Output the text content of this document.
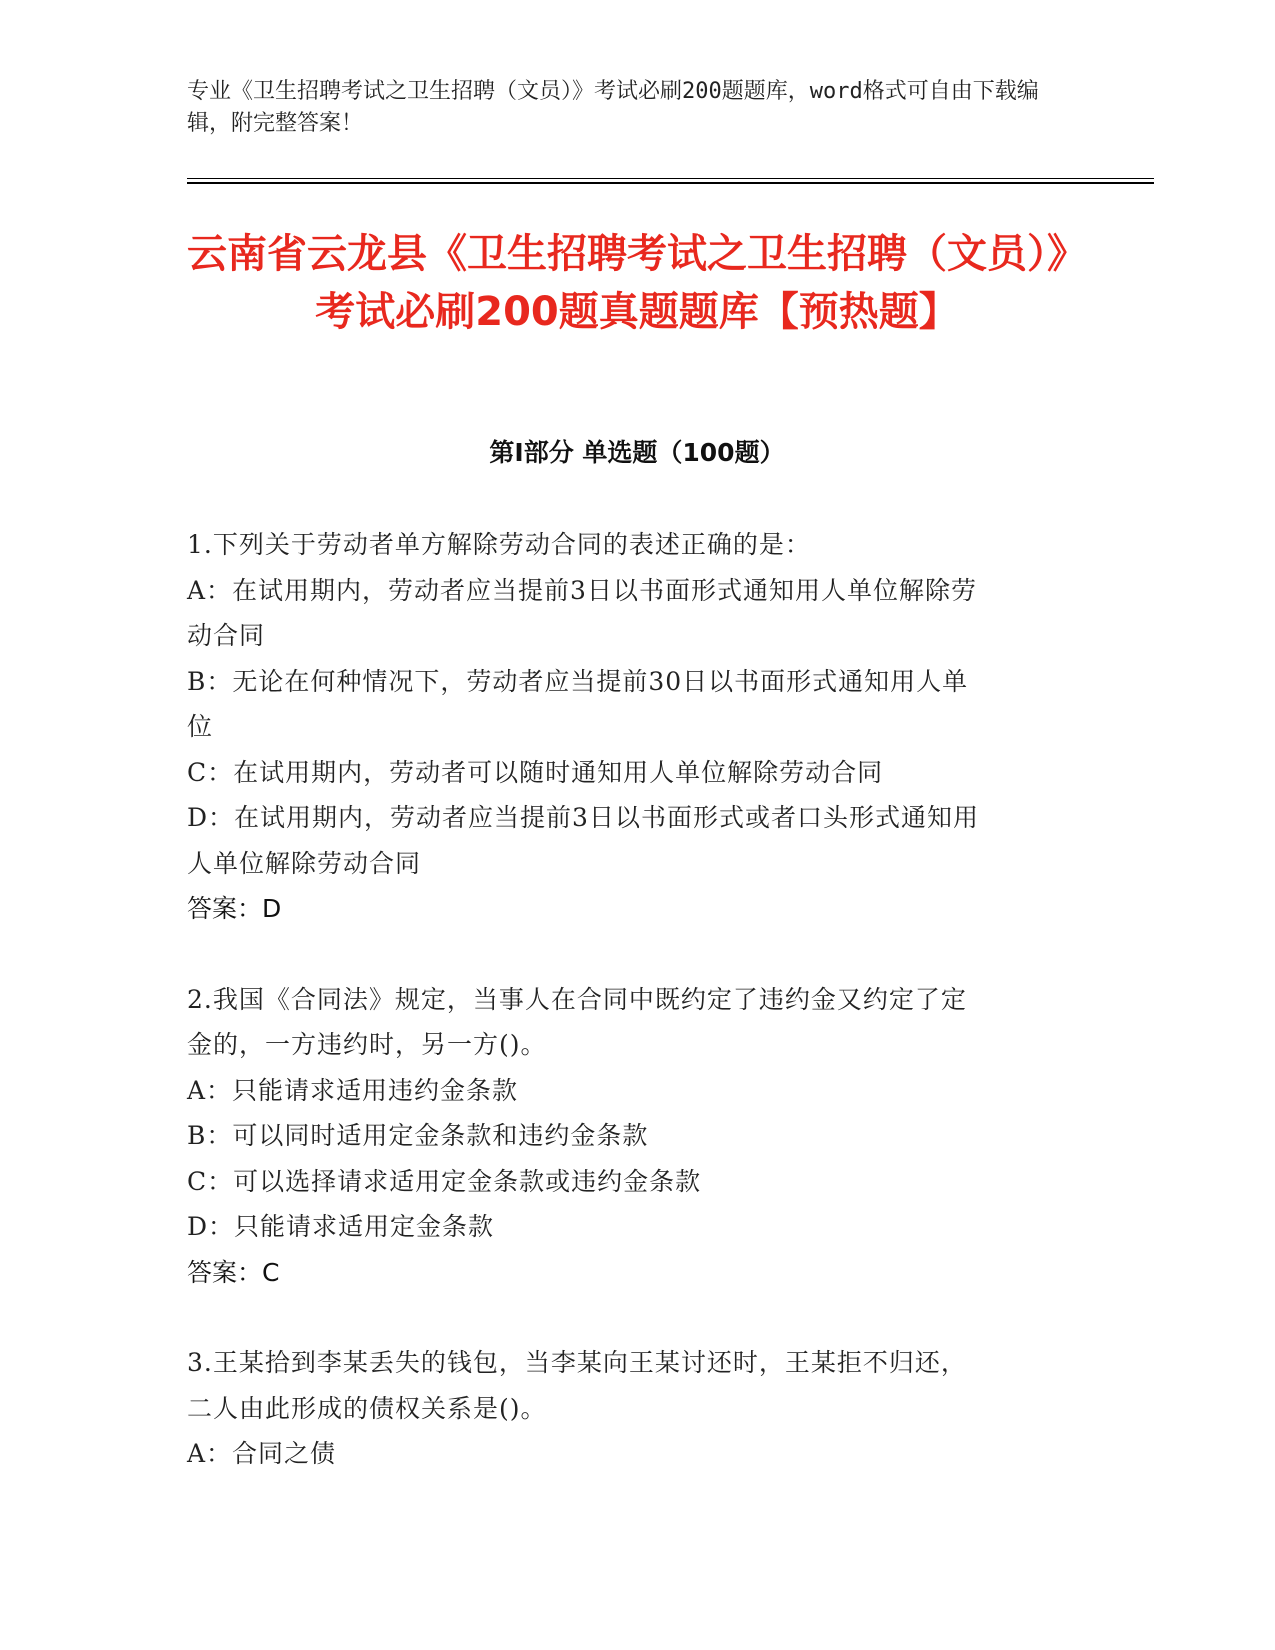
专业《卫生招聘考试之卫生招聘（文员）》考试必刷200题题库，word格式可自由下载编辑，附完整答案！
云南省云龙县《卫生招聘考试之卫生招聘（文员）》考试必刷200题真题题库【预热题】
第I部分 单选题（100题）

1.下列关于劳动者单方解除劳动合同的表述正确的是：

A：在试用期内，劳动者应当提前3日以书面形式通知用人单位解除劳

动合同

B：无论在何种情况下，劳动者应当提前30日以书面形式通知用人单

位

C：在试用期内，劳动者可以随时通知用人单位解除劳动合同

D：在试用期内，劳动者应当提前3日以书面形式或者口头形式通知用

人单位解除劳动合同

答案：D

2.我国《合同法》规定，当事人在合同中既约定了违约金又约定了定

金的，一方违约时，另一方()。

A：只能请求适用违约金条款

B：可以同时适用定金条款和违约金条款

C：可以选择请求适用定金条款或违约金条款

D：只能请求适用定金条款

答案：C

3.王某拾到李某丢失的钱包，当李某向王某讨还时，王某拒不归还，

二人由此形成的债权关系是()。

A：合同之债
